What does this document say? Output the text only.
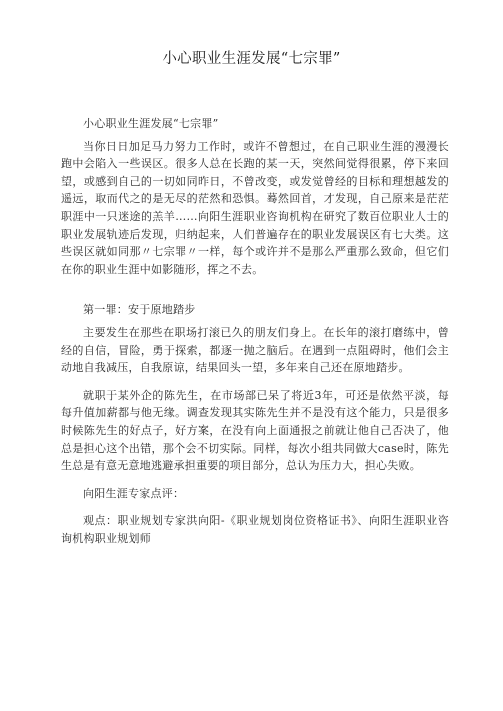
小心职业生涯发展“七宗罪”

小心职业生涯发展“七宗罪”

当你日日加足马力努力工作时，或许不曾想过，在自己职业生涯的漫漫长跑中会陷入一些误区。很多人总在长跑的某一天，突然间觉得很累，停下来回望，或感到自己的一切如同昨日，不曾改变，或发觉曾经的目标和理想越发的遥远，取而代之的是无尽的茫然和恐惧。蓦然回首，才发现，自己原来是茫茫职涯中一只迷途的羔羊……向阳生涯职业咨询机构在研究了数百位职业人士的职业发展轨迹后发现，归纳起来，人们普遍存在的职业发展误区有七大类。这些误区就如同那〃七宗罪〃一样，每个或许并不是那么严重那么致命，但它们在你的职业生涯中如影随形，挥之不去。

第一罪：安于原地踏步

主要发生在那些在职场打滚已久的朋友们身上。在长年的滚打磨练中，曾经的自信，冒险，勇于探索，都逐一抛之脑后。在遇到一点阻碍时，他们会主动地自我减压，自我原谅，结果回头一望，多年来自己还在原地踏步。

就职于某外企的陈先生，在市场部已呆了将近3年，可还是依然平淡，每每升值加薪都与他无缘。调查发现其实陈先生并不是没有这个能力，只是很多时候陈先生的好点子，好方案，在没有向上面通报之前就让他自己否决了，他总是担心这个出错，那个会不切实际。同样，每次小组共同做大case时，陈先生总是有意无意地逃避承担重要的项目部分，总认为压力大，担心失败。

向阳生涯专家点评：

观点：职业规划专家洪向阳-《职业规划岗位资格证书》、向阳生涯职业咨询机构职业规划师
